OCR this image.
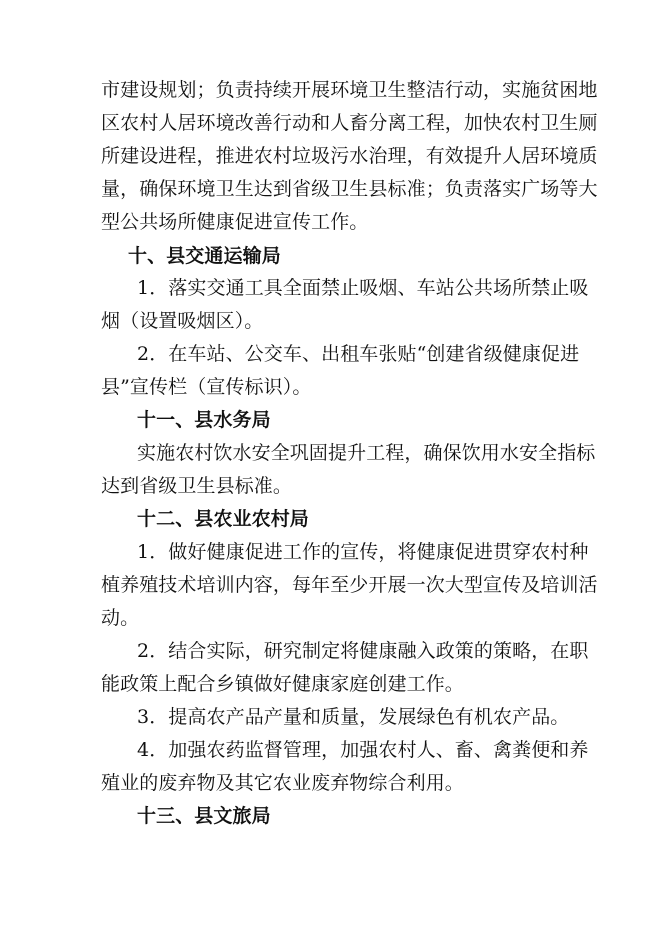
市建设规划；负责持续开展环境卫生整洁行动，实施贫困地
区农村人居环境改善行动和人畜分离工程，加快农村卫生厕
所建设进程，推进农村垃圾污水治理，有效提升人居环境质
量，确保环境卫生达到省级卫生县标准；负责落实广场等大
型公共场所健康促进宣传工作。
十、县交通运输局
1．落实交通工具全面禁止吸烟、车站公共场所禁止吸
烟（设置吸烟区）。
2．在车站、公交车、出租车张贴“创建省级健康促进
县”宣传栏（宣传标识）。
十一、县水务局
实施农村饮水安全巩固提升工程，确保饮用水安全指标
达到省级卫生县标准。
十二、县农业农村局
1．做好健康促进工作的宣传，将健康促进贯穿农村种
植养殖技术培训内容，每年至少开展一次大型宣传及培训活
动。
2．结合实际，研究制定将健康融入政策的策略，在职
能政策上配合乡镇做好健康家庭创建工作。
3．提高农产品产量和质量，发展绿色有机农产品。
4．加强农药监督管理，加强农村人、畜、禽粪便和养
殖业的废弃物及其它农业废弃物综合利用。
十三、县文旅局
